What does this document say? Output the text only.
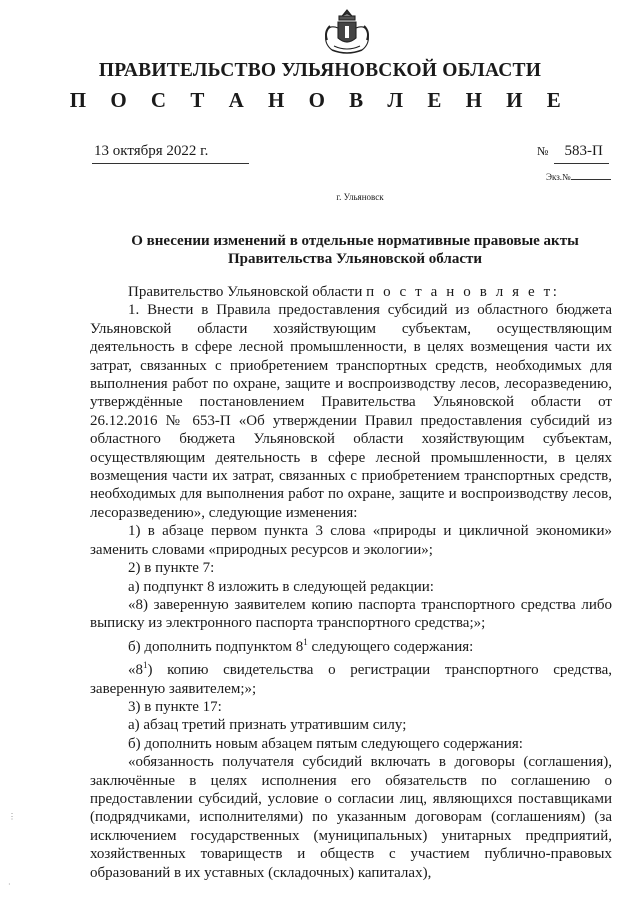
ПРАВИТЕЛЬСТВО УЛЬЯНОВСКОЙ ОБЛАСТИ
П О С Т А Н О В Л Е Н И Е
13 октября 2022 г.	№ 583-П
Экз.№
г. Ульяновск
О внесении изменений в отдельные нормативные правовые акты
Правительства Ульяновской области

Правительство Ульяновской области п о с т а н о в л я е т:

1. Внести в Правила предоставления субсидий из областного бюджета Ульяновской области хозяйствующим субъектам, осуществляющим деятельность в сфере лесной промышленности, в целях возмещения части их затрат, связанных с приобретением транспортных средств, необходимых для выполнения работ по охране, защите и воспроизводству лесов, лесоразведению, утверждённые постановлением Правительства Ульяновской области от 26.12.2016 № 653-П «Об утверждении Правил предоставления субсидий из областного бюджета Ульяновской области хозяйствующим субъектам, осуществляющим деятельность в сфере лесной промышленности, в целях возмещения части их затрат, связанных с приобретением транспортных средств, необходимых для выполнения работ по охране, защите и воспроизводству лесов, лесоразведению», следующие изменения:

1) в абзаце первом пункта 3 слова «природы и цикличной экономики» заменить словами «природных ресурсов и экологии»;

2) в пункте 7:

а) подпункт 8 изложить в следующей редакции:

«8) заверенную заявителем копию паспорта транспортного средства либо выписку из электронного паспорта транспортного средства;»;

б) дополнить подпунктом $8^1$ следующего содержания:

«$8^1$) копию свидетельства о регистрации транспортного средства, заверенную заявителем;»;

3) в пункте 17:

а) абзац третий признать утратившим силу;

б) дополнить новым абзацем пятым следующего содержания:

«обязанность получателя субсидий включать в договоры (соглашения), заключённые в целях исполнения его обязательств по соглашению о предоставлении субсидий, условие о согласии лиц, являющихся поставщиками (подрядчиками, исполнителями) по указанным договорам (соглашениям) (за исключением государственных (муниципальных) унитарных предприятий, хозяйственных товариществ и обществ с участием публично-правовых образований в их уставных (складочных) капиталах),

⋮
·
